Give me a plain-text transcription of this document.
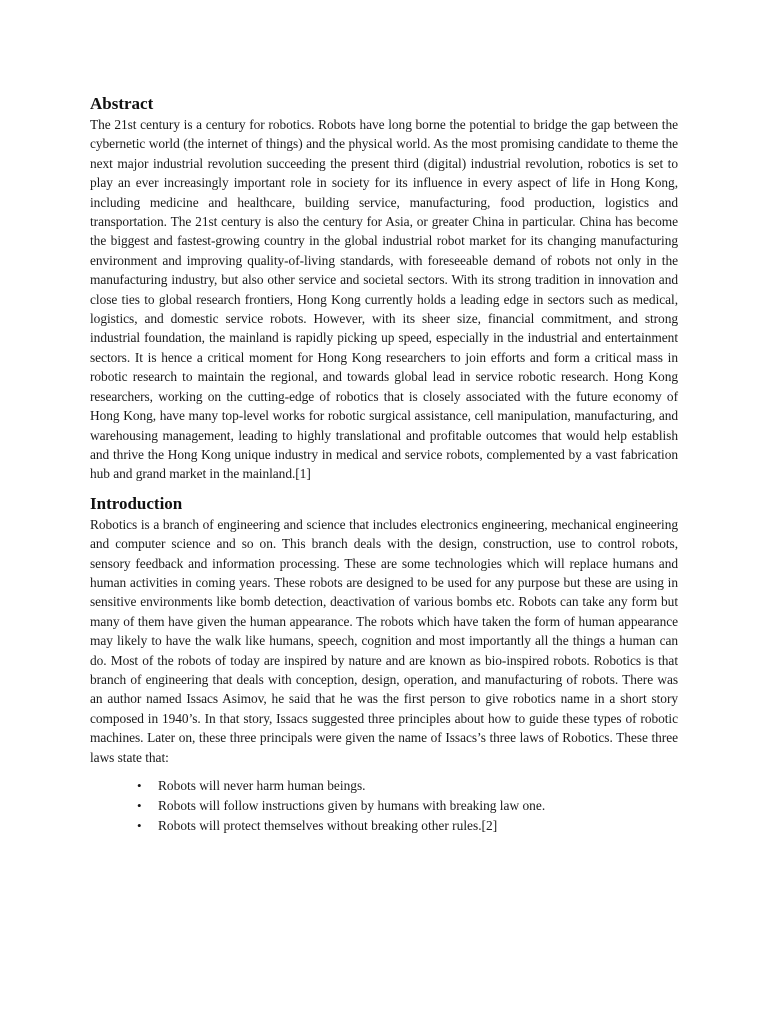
Abstract

The 21st century is a century for robotics. Robots have long borne the potential to bridge the gap between the cybernetic world (the internet of things) and the physical world. As the most promising candidate to theme the next major industrial revolution succeeding the present third (digital) industrial revolution, robotics is set to play an ever increasingly important role in society for its influence in every aspect of life in Hong Kong, including medicine and healthcare, building service, manufacturing, food production, logistics and transportation. The 21st century is also the century for Asia, or greater China in particular. China has become the biggest and fastest-growing country in the global industrial robot market for its changing manufacturing environment and improving quality-of-living standards, with foreseeable demand of robots not only in the manufacturing industry, but also other service and societal sectors. With its strong tradition in innovation and close ties to global research frontiers, Hong Kong currently holds a leading edge in sectors such as medical, logistics, and domestic service robots. However, with its sheer size, financial commitment, and strong industrial foundation, the mainland is rapidly picking up speed, especially in the industrial and entertainment sectors. It is hence a critical moment for Hong Kong researchers to join efforts and form a critical mass in robotic research to maintain the regional, and towards global lead in service robotic research. Hong Kong researchers, working on the cutting-edge of robotics that is closely associated with the future economy of Hong Kong, have many top-level works for robotic surgical assistance, cell manipulation, manufacturing, and warehousing management, leading to highly translational and profitable outcomes that would help establish and thrive the Hong Kong unique industry in medical and service robots, complemented by a vast fabrication hub and grand market in the mainland.[1]

Introduction

Robotics is a branch of engineering and science that includes electronics engineering, mechanical engineering and computer science and so on. This branch deals with the design, construction, use to control robots, sensory feedback and information processing. These are some technologies which will replace humans and human activities in coming years. These robots are designed to be used for any purpose but these are using in sensitive environments like bomb detection, deactivation of various bombs etc. Robots can take any form but many of them have given the human appearance. The robots which have taken the form of human appearance may likely to have the walk like humans, speech, cognition and most importantly all the things a human can do. Most of the robots of today are inspired by nature and are known as bio-inspired robots. Robotics is that branch of engineering that deals with conception, design, operation, and manufacturing of robots. There was an author named Issacs Asimov, he said that he was the first person to give robotics name in a short story composed in 1940’s. In that story, Issacs suggested three principles about how to guide these types of robotic machines. Later on, these three principals were given the name of Issacs’s three laws of Robotics. These three laws state that:

• Robots will never harm human beings.
• Robots will follow instructions given by humans with breaking law one.
• Robots will protect themselves without breaking other rules.[2]
